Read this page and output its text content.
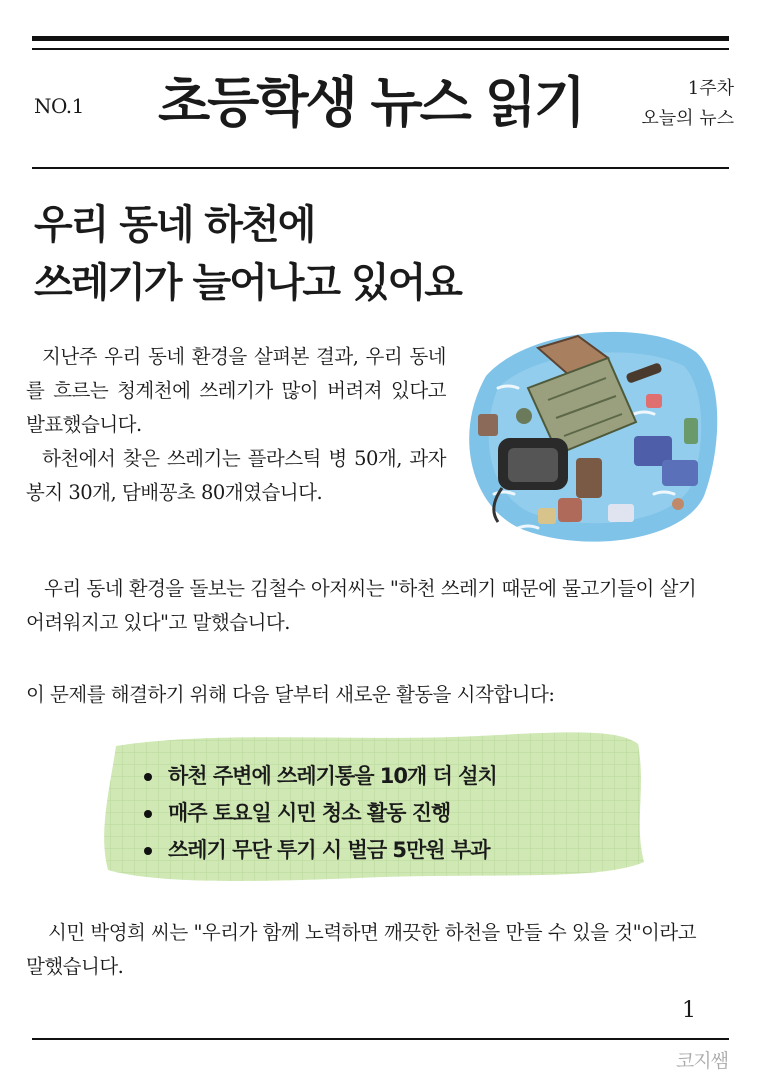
NO.1 초등학생 뉴스 읽기	1주차
오늘의 뉴스
우리 동네 하천에
쓰레기가 늘어나고 있어요

지난주 우리 동네 환경을 살펴본 결과, 우리 동네를 흐르는 청계천에 쓰레기가 많이 버려져 있다고 발표했습니다.

하천에서 찾은 쓰레기는 플라스틱 병 50개, 과자 봉지 30개, 담배꽁초 80개였습니다.

우리 동네 환경을 돌보는 김철수 아저씨는 "하천 쓰레기 때문에 물고기들이 살기 어려워지고 있다"고 말했습니다.

이 문제를 해결하기 위해 다음 달부터 새로운 활동을 시작합니다:

하천 주변에 쓰레기통을 10개 더 설치
매주 토요일 시민 청소 활동 진행
쓰레기 무단 투기 시 벌금 5만원 부과

시민 박영희 씨는 "우리가 함께 노력하면 깨끗한 하천을 만들 수 있을 것"이라고 말했습니다.

1
코지쌤
